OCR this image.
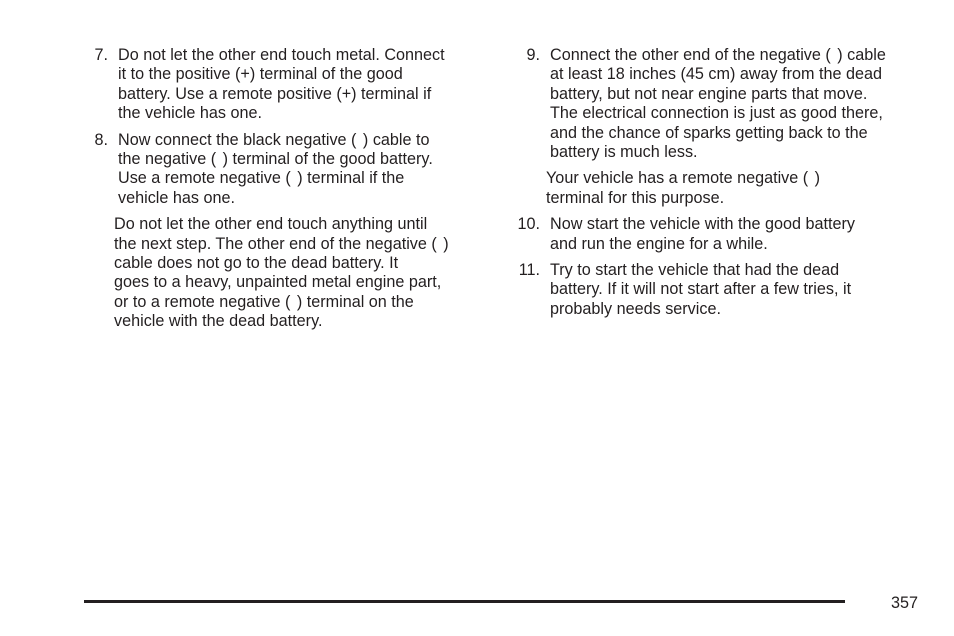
7. Do not let the other end touch metal. Connect
it to the positive (+) terminal of the good
battery. Use a remote positive (+) terminal if
the vehicle has one.
8. Now connect the black negative (  ) cable to
the negative (  ) terminal of the good battery.
Use a remote negative (  ) terminal if the
vehicle has one.
Do not let the other end touch anything until
the next step. The other end of the negative (  )
cable does not go to the dead battery. It
goes to a heavy, unpainted metal engine part,
or to a remote negative (  ) terminal on the
vehicle with the dead battery.
9. Connect the other end of the negative (  ) cable
at least 18 inches (45 cm) away from the dead
battery, but not near engine parts that move.
The electrical connection is just as good there,
and the chance of sparks getting back to the
battery is much less.
Your vehicle has a remote negative (  )
terminal for this purpose.
10. Now start the vehicle with the good battery
and run the engine for a while.
11. Try to start the vehicle that had the dead
battery. If it will not start after a few tries, it
probably needs service.
357
